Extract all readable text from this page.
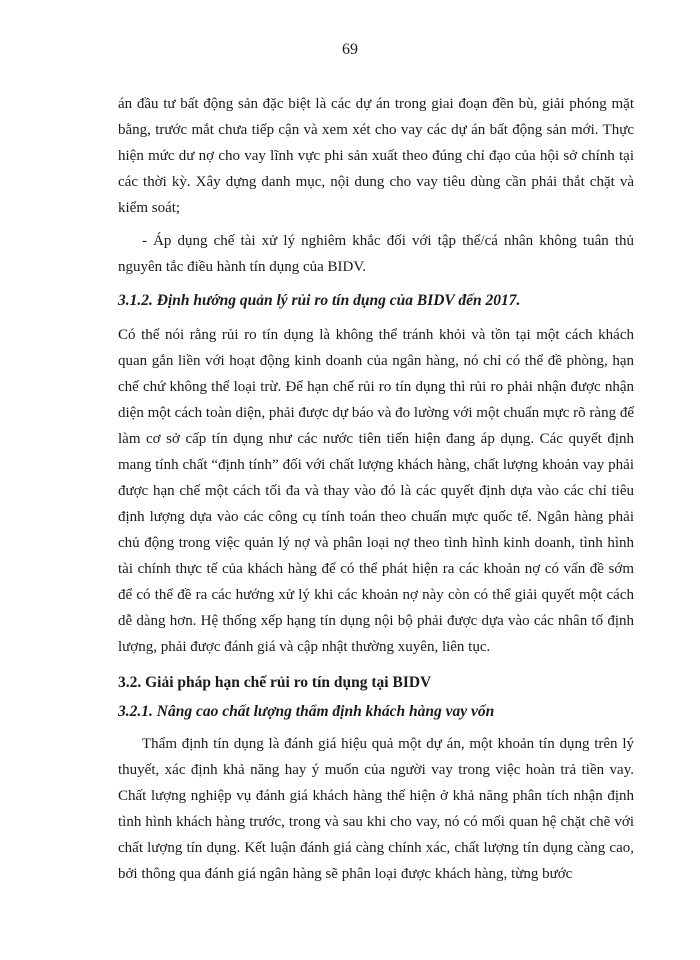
69

án đầu tư bất động sản đặc biệt là các dự án trong giai đoạn đền bù, giải phóng mặt bằng, trước mắt chưa tiếp cận và xem xét cho vay các dự án bất động sản mới. Thực hiện mức dư nợ cho vay lĩnh vực phi sản xuất theo đúng chỉ đạo của hội sở chính tại các thời kỳ. Xây dựng danh mục, nội dung cho vay tiêu dùng cần phải thắt chặt và kiểm soát;

- Áp dụng chế tài xử lý nghiêm khắc đối với tập thể/cá nhân không tuân thủ nguyên tắc điều hành tín dụng của BIDV.

3.1.2. Định hướng quản lý rủi ro tín dụng của BIDV đến 2017.

Có thể nói rằng rủi ro tín dụng là không thể tránh khỏi và tồn tại một cách khách quan gắn liền với hoạt động kinh doanh của ngân hàng, nó chỉ có thể đề phòng, hạn chế chứ không thể loại trừ. Để hạn chế rủi ro tín dụng thì rủi ro phải nhận được nhận diện một cách toàn diện, phải được dự báo và đo lường với một chuẩn mực rõ ràng để làm cơ sở cấp tín dụng như các nước tiên tiến hiện đang áp dụng. Các quyết định mang tính chất “định tính” đối với chất lượng khách hàng, chất lượng khoản vay phải được hạn chế một cách tối đa và thay vào đó là các quyết định dựa vào các chỉ tiêu định lượng dựa vào các công cụ tính toán theo chuẩn mực quốc tế. Ngân hàng phải chủ động trong việc quản lý nợ và phân loại nợ theo tình hình kinh doanh, tình hình tài chính thực tế của khách hàng để có thể phát hiện ra các khoản nợ có vấn đề sớm để có thể đề ra các hướng xử lý khi các khoản nợ này còn có thể giải quyết một cách dễ dàng hơn. Hệ thống xếp hạng tín dụng nội bộ phải được dựa vào các nhân tố định lượng, phải được đánh giá và cập nhật thường xuyên, liên tục.

3.2. Giải pháp hạn chế rủi ro tín dụng tại BIDV
3.2.1. Nâng cao chất lượng thẩm định khách hàng vay vốn

Thẩm định tín dụng là đánh giá hiệu quả một dự án, một khoản tín dụng trên lý thuyết, xác định khả năng hay ý muốn của người vay trong việc hoàn trả tiền vay. Chất lượng nghiệp vụ đánh giá khách hàng thể hiện ở khả năng phân tích nhận định tình hình khách hàng trước, trong và sau khi cho vay, nó có mối quan hệ chặt chẽ với chất lượng tín dụng. Kết luận đánh giá càng chính xác, chất lượng tín dụng càng cao, bởi thông qua đánh giá ngân hàng sẽ phân loại được khách hàng, từng bước
